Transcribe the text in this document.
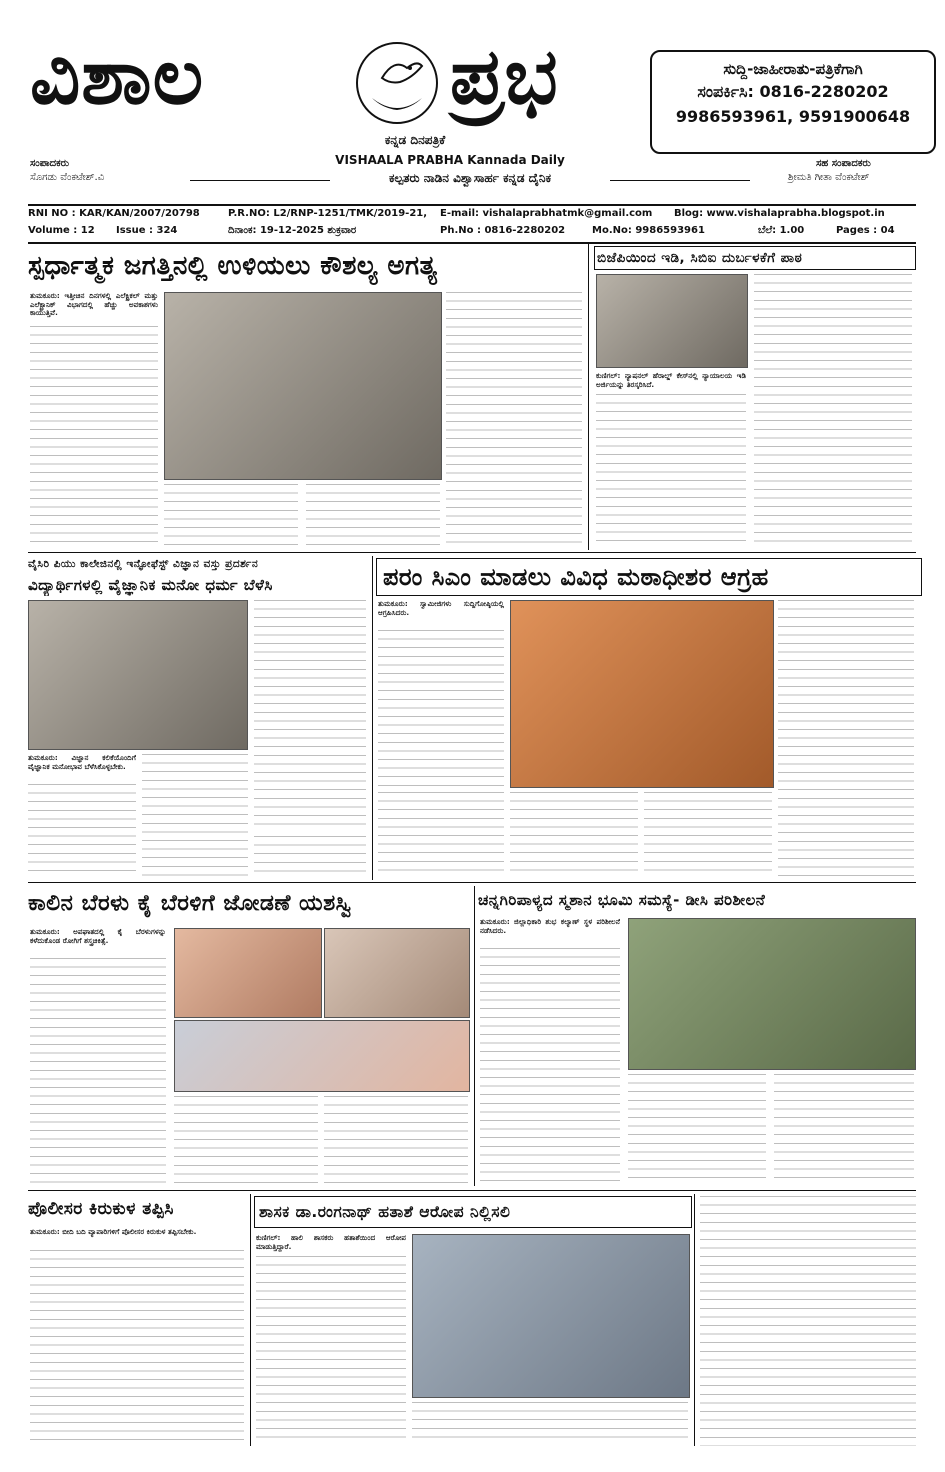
ವಿಶಾಲ	ಪ್ರಭ
ಕನ್ನಡ ದಿನಪತ್ರಿಕೆ
VISHAALA PRABHA Kannada Daily
ಸುದ್ದಿ-ಜಾಹೀರಾತು-ಪತ್ರಿಕೆಗಾಗಿ
ಸಂಪರ್ಕಿಸಿ: 0816-2280202
9986593961, 9591900648
ಸಂಪಾದಕರು
ಸೊಗಡು ವೆಂಕಟೇಶ್.ವಿ
ಸಹ ಸಂಪಾದಕರು
ಶ್ರೀಮತಿ ಗೀತಾ ವೆಂಕಟೇಶ್
ಕಲ್ಪತರು ನಾಡಿನ ವಿಶ್ವಾಸಾರ್ಹ ಕನ್ನಡ ದೈನಿಕ
RNI NO : KAR/KAN/2007/20798	P.R.NO: L2/RNP-1251/TMK/2019-21, E-mail: vishalaprabhatmk@gmail.com Blog: www.vishalaprabha.blogspot.in
Volume : 12 Issue : 324	ದಿನಾಂಕ: 19-12-2025 ಶುಕ್ರವಾರ	Ph.No : 0816-2280202	Mo.No: 9986593961	ಬೆಲೆ: 1.00	Pages : 04
ಸ್ಪರ್ಧಾತ್ಮಕ ಜಗತ್ತಿನಲ್ಲಿ ಉಳಿಯಲು ಕೌಶಲ್ಯ ಅಗತ್ಯ
ತುಮಕೂರು: ಇತ್ತೀಚಿನ ದಿನಗಳಲ್ಲಿ ಎಲೆಕ್ಟ್ರಿಕಲ್ ಮತ್ತು ಎಲೆಕ್ಟ್ರಾನಿಕ್ ವಿಭಾಗದಲ್ಲಿ ಹೆಚ್ಚು ಅವಕಾಶಗಳು ಕಾಯುತ್ತಿವೆ.
ಬಿಜೆಪಿಯಿಂದ ಇಡಿ, ಸಿಬಿಐ ದುರ್ಬಳಕೆಗೆ ಪಾಠ
ಕುಣಿಗಲ್: ನ್ಯಾಷನಲ್ ಹೆರಾಲ್ಡ್ ಕೇಸ್‌ನಲ್ಲಿ ನ್ಯಾಯಾಲಯ ಇಡಿ ಅರ್ಜಿಯನ್ನು ತಿರಸ್ಕರಿಸಿದೆ.
ವೈಸಿರಿ ಪಿಯು ಕಾಲೇಜಿನಲ್ಲಿ ಇನ್ಫೋಫೆಸ್ಟ್ ವಿಜ್ಞಾನ ವಸ್ತು ಪ್ರದರ್ಶನ
ವಿದ್ಯಾರ್ಥಿಗಳಲ್ಲಿ ವೈಜ್ಞಾನಿಕ ಮನೋ ಧರ್ಮ ಬೆಳೆಸಿ
ತುಮಕೂರು: ವಿಜ್ಞಾನ ಕಲಿಕೆಯೊಂದಿಗೆ ವೈಜ್ಞಾನಿಕ ಮನೋಭಾವ ಬೆಳೆಸಿಕೊಳ್ಳಬೇಕು.
ಪರಂ ಸಿಎಂ ಮಾಡಲು ವಿವಿಧ ಮಠಾಧೀಶರ ಆಗ್ರಹ
ತುಮಕೂರು: ಸ್ವಾಮೀಜಿಗಳು ಸುದ್ದಿಗೋಷ್ಠಿಯಲ್ಲಿ ಆಗ್ರಹಿಸಿದರು.
ಕಾಲಿನ ಬೆರಳು ಕೈ ಬೆರಳಿಗೆ ಜೋಡಣೆ ಯಶಸ್ವಿ
ತುಮಕೂರು: ಅಪಘಾತದಲ್ಲಿ ಕೈ ಬೆರಳುಗಳನ್ನು ಕಳೆದುಕೊಂಡ ರೋಗಿಗೆ ಶಸ್ತ್ರಚಿಕಿತ್ಸೆ.
ಚನ್ನಗಿರಿಪಾಳ್ಯದ ಸ್ಮಶಾನ ಭೂಮಿ ಸಮಸ್ಯೆ- ಡೀಸಿ ಪರಿಶೀಲನೆ
ತುಮಕೂರು: ಜಿಲ್ಲಾಧಿಕಾರಿ ಶುಭ ಕಲ್ಯಾಣ್ ಸ್ಥಳ ಪರಿಶೀಲನೆ ನಡೆಸಿದರು.
ಪೊಲೀಸರ ಕಿರುಕುಳ ತಪ್ಪಿಸಿ
ತುಮಕೂರು: ಬೀದಿ ಬದಿ ವ್ಯಾಪಾರಿಗಳಿಗೆ ಪೊಲೀಸರ ಕಿರುಕುಳ ತಪ್ಪಿಸಬೇಕು.
ಶಾಸಕ ಡಾ.ರಂಗನಾಥ್ ಹತಾಶೆ ಆರೋಪ ನಿಲ್ಲಿಸಲಿ
ಕುಣಿಗಲ್: ಹಾಲಿ ಶಾಸಕರು ಹತಾಶೆಯಿಂದ ಆರೋಪ ಮಾಡುತ್ತಿದ್ದಾರೆ.
